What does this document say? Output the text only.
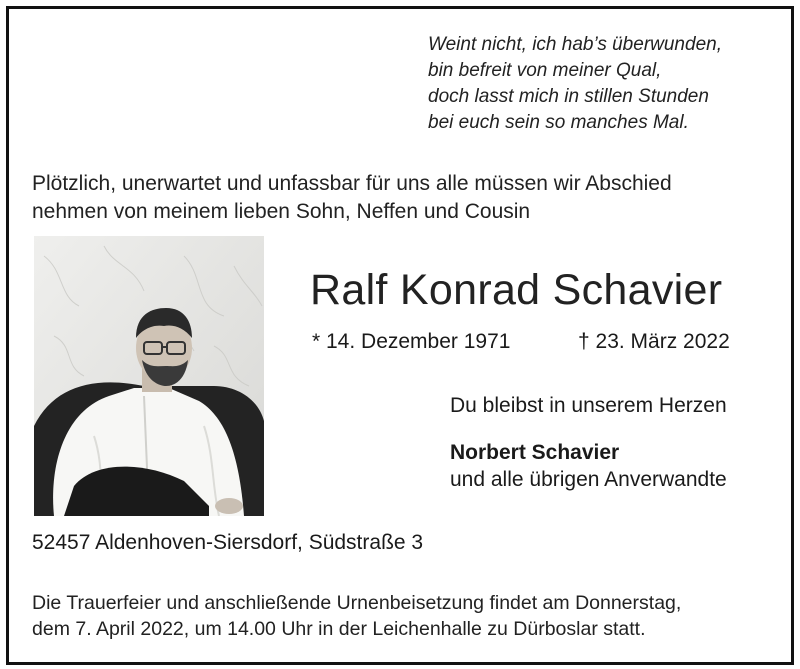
Weint nicht, ich hab’s überwunden,
bin befreit von meiner Qual,
doch lasst mich in stillen Stunden
bei euch sein so manches Mal.
Plötzlich, unerwartet und unfassbar für uns alle müssen wir Abschied
nehmen von meinem lieben Sohn, Neffen und Cousin
Ralf Konrad Schavier
* 14. Dezember 1971	† 23. März 2022
Du bleibst in unserem Herzen
Norbert Schavier
und alle übrigen Anverwandte
52457 Aldenhoven-Siersdorf, Südstraße 3
Die Trauerfeier und anschließende Urnenbeisetzung findet am Donnerstag,
dem 7. April 2022, um 14.00 Uhr in der Leichenhalle zu Dürboslar statt.
